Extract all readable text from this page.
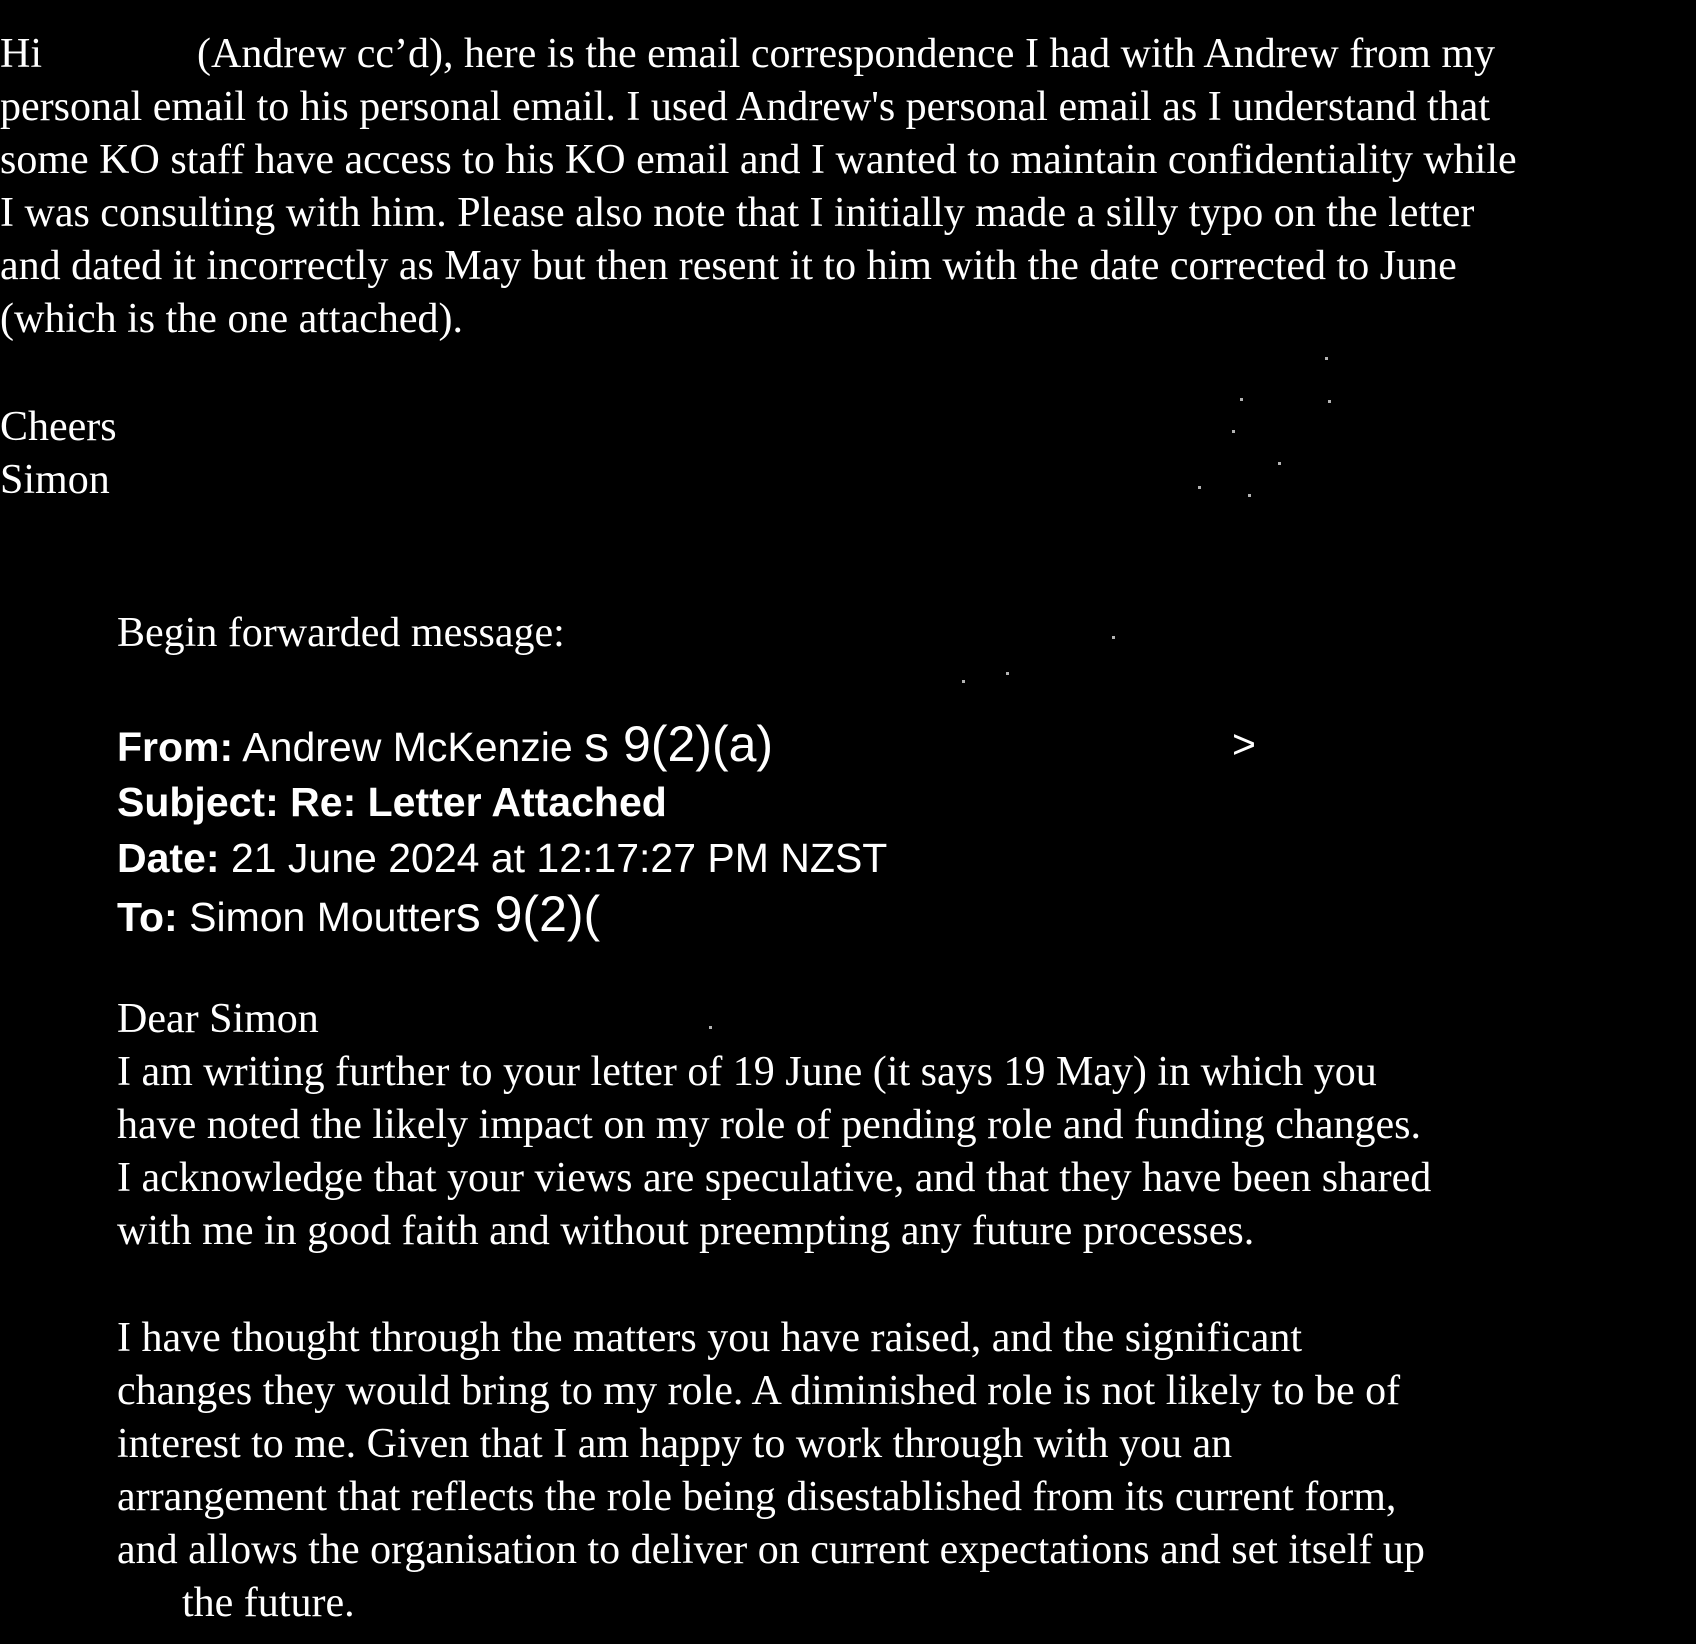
Hi	(Andrew cc’d), here is the email correspondence I had with Andrew from my
personal email to his personal email. I used Andrew's personal email as I understand that
some KO staff have access to his KO email and I wanted to maintain confidentiality while
I was consulting with him. Please also note that I initially made a silly typo on the letter
and dated it incorrectly as May but then resent it to him with the date corrected to June
(which is the one attached).
Cheers
Simon
Begin forwarded message:
From: Andrew McKenzie s 9(2)(a)	>
Subject: Re: Letter Attached
Date: 21 June 2024 at 12:17:27 PM NZST
To: Simon Moutters 9(2)(
Dear Simon
I am writing further to your letter of 19 June (it says 19 May) in which you
have noted the likely impact on my role of pending role and funding changes.
I acknowledge that your views are speculative, and that they have been shared
with me in good faith and without preempting any future processes.
I have thought through the matters you have raised, and the significant
changes they would bring to my role. A diminished role is not likely to be of
interest to me. Given that I am happy to work through with you an
arrangement that reflects the role being disestablished from its current form,
and allows the organisation to deliver on current expectations and set itself up
the future.
